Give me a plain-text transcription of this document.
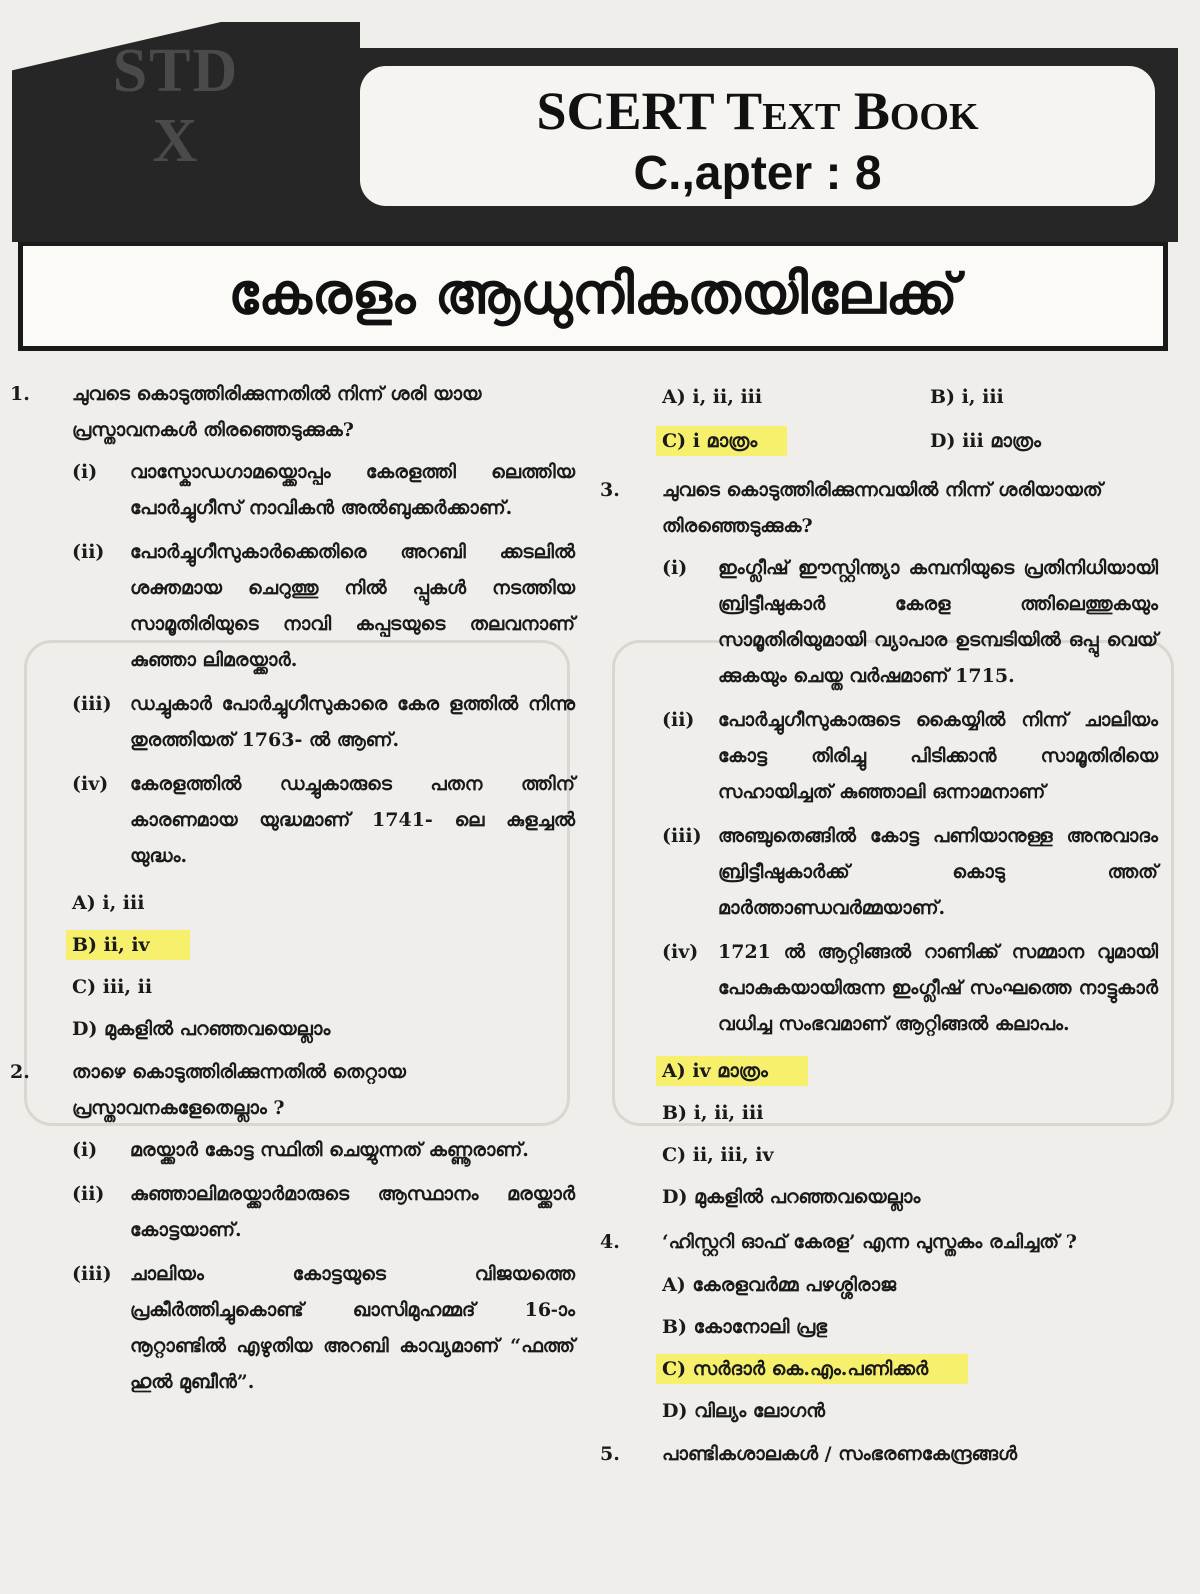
STD
X	SCERT Text Book
C.,apter : 8
കേരളം ആധുനികതയിലേക്ക്
1. ചുവടെ കൊടുത്തിരിക്കുന്നതിൽ നിന്ന് ശരി യായ പ്രസ്താവനകൾ തിരഞ്ഞെടുക്കുക?
(i) വാസ്കോഡഗാമയ്ക്കൊപ്പം കേരളത്തി ലെത്തിയ പോർച്ചുഗീസ് നാവികൻ അൽബുക്കർക്കാണ്.
(ii) പോർച്ചുഗീസുകാർക്കെതിരെ അറബി ക്കടലിൽ ശക്തമായ ചെറുത്തു നിൽ പ്പുകൾ നടത്തിയ സാമൂതിരിയുടെ നാവി കപ്പടയുടെ തലവനാണ് കുഞ്ഞാ ലിമരയ്ക്കാർ.
(iii) ഡച്ചുകാർ പോർച്ചുഗീസുകാരെ കേര ളത്തിൽ നിന്നു തുരത്തിയത് 1763- ൽ ആണ്.
(iv) കേരളത്തിൽ ഡച്ചുകാരുടെ പതന ത്തിന് കാരണമായ യുദ്ധമാണ് 1741- ലെ കുളച്ചൽ യുദ്ധം.
A) i, iii
B) ii, iv
C) iii, ii
D) മുകളിൽ പറഞ്ഞവയെല്ലാം
2. താഴെ കൊടുത്തിരിക്കുന്നതിൽ തെറ്റായ പ്രസ്താവനകളേതെല്ലാം ?
(i) മരയ്ക്കാർ കോട്ട സ്ഥിതി ചെയ്യുന്നത് കണ്ണൂരാണ്.
(ii) കുഞ്ഞാലിമരയ്ക്കാർമാരുടെ ആസ്ഥാനം മരയ്ക്കാർ കോട്ടയാണ്.
(iii) ചാലിയം കോട്ടയുടെ വിജയത്തെ പ്രകീർത്തിച്ചുകൊണ്ട് ഖാസിമുഹമ്മദ് 16-ാം നൂറ്റാണ്ടിൽ എഴുതിയ അറബി കാവ്യമാണ് “ഫത്ത് ഹുൽ മുബീൻ”.
A) i, ii, iii	B) i, iii
C) i മാത്രം	D) iii മാത്രം
3. ചുവടെ കൊടുത്തിരിക്കുന്നവയിൽ നിന്ന് ശരിയായത് തിരഞ്ഞെടുക്കുക?
(i) ഇംഗ്ലീഷ് ഈസ്റ്റിന്ത്യാ കമ്പനിയുടെ പ്രതിനിധിയായി ബ്രിട്ടീഷുകാർ കേരള ത്തിലെത്തുകയും സാമൂതിരിയുമായി വ്യാപാര ഉടമ്പടിയിൽ ഒപ്പു വെയ് ക്കുകയും ചെയ്ത വർഷമാണ് 1715.
(ii) പോർച്ചുഗീസുകാരുടെ കൈയ്യിൽ നിന്ന് ചാലിയം കോട്ട തിരിച്ചു പിടിക്കാൻ സാമൂതിരിയെ സഹായിച്ചത് കുഞ്ഞാലി ഒന്നാമനാണ്
(iii) അഞ്ചുതെങ്ങിൽ കോട്ട പണിയാനുള്ള അനുവാദം ബ്രിട്ടീഷുകാർക്ക് കൊടു ത്തത് മാർത്താണ്ഡവർമ്മയാണ്.
(iv) 1721 ൽ ആറ്റിങ്ങൽ റാണിക്ക് സമ്മാന വുമായി പോകുകയായിരുന്ന ഇംഗ്ലീഷ് സംഘത്തെ നാട്ടുകാർ വധിച്ച സംഭവമാണ് ആറ്റിങ്ങൽ കലാപം.
A) iv മാത്രം
B) i, ii, iii
C) ii, iii, iv
D) മുകളിൽ പറഞ്ഞവയെല്ലാം
4. ‘ഹിസ്റ്ററി ഓഫ് കേരള’ എന്ന പുസ്തകം രചിച്ചത് ?
A) കേരളവർമ്മ പഴശ്ശിരാജ
B) കോനോലി പ്രഭു
C) സർദാർ കെ.എം.പണിക്കർ
D) വില്യം ലോഗൻ
5. പാണ്ടികശാലകൾ / സംഭരണകേന്ദ്രങ്ങൾ
